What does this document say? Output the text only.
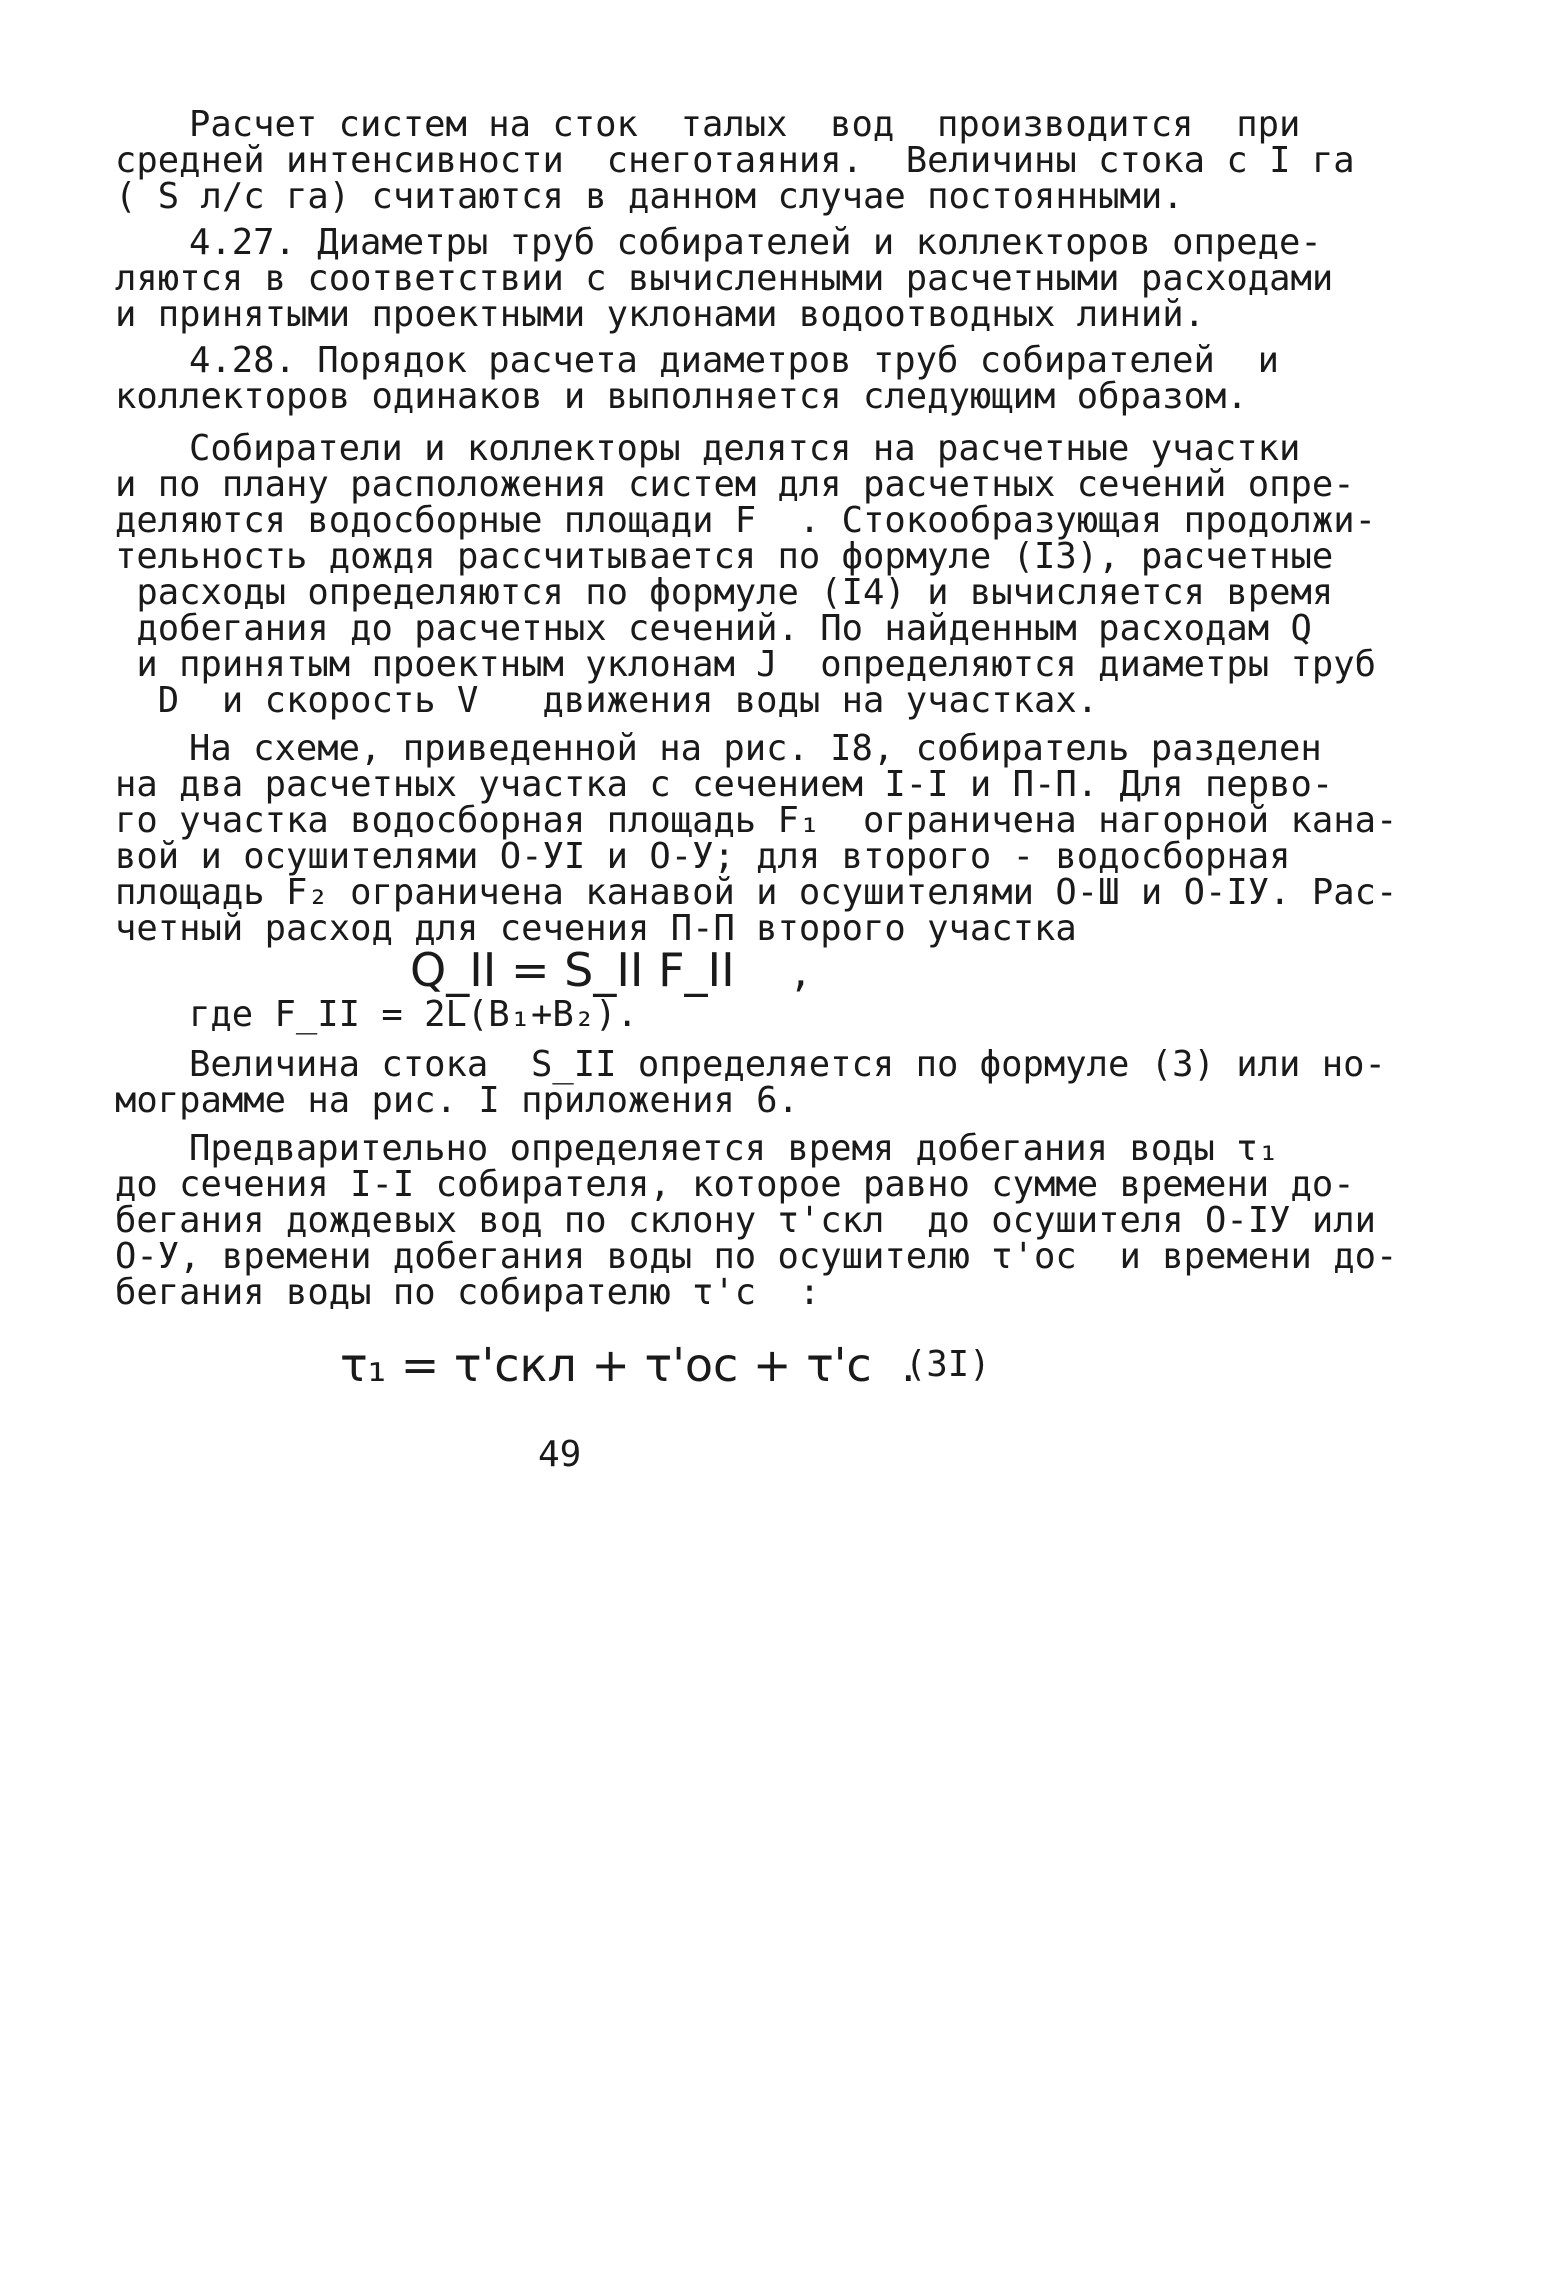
Расчет систем на сток  талых  вод  производится  при
средней интенсивности  снеготаяния.  Величины стока с I га
( S л/с га) считаются в данном случае постоянными.
4.27. Диаметры труб собирателей и коллекторов опреде-
ляются в соответствии с вычисленными расчетными расходами
и принятыми проектными уклонами водоотводных линий.
4.28. Порядок расчета диаметров труб собирателей  и
коллекторов одинаков и выполняется следующим образом.
Собиратели и коллекторы делятся на расчетные участки
и по плану расположения систем для расчетных сечений опре-
деляются водосборные площади F  . Стокообразующая продолжи-
тельность дождя рассчитывается по формуле (I3), расчетные
расходы определяются по формуле (I4) и вычисляется время
добегания до расчетных сечений. По найденным расходам Q
и принятым проектным уклонам J  определяются диаметры труб
D  и скорость V   движения воды на участках.
На схеме, приведенной на рис. I8, собиратель разделен
на два расчетных участка с сечением I-I и П-П. Для перво-
го участка водосборная площадь F₁  ограничена нагорной кана-
вой и осушителями О-УI и О-У; для второго - водосборная
площадь F₂ ограничена канавой и осушителями О-Ш и О-IУ. Рас-
четный расход для сечения П-П второго участка
Q_II = S_II F_II    ,
где F_II = 2L(B₁+B₂).
Величина стока  S_II определяется по формуле (3) или но-
мограмме на рис. I приложения 6.
Предварительно определяется время добегания воды τ₁
до сечения I-I собирателя, которое равно сумме времени до-
бегания дождевых вод по склону τ'скл  до осушителя О-IУ или
О-У, времени добегания воды по осушителю τ'ос  и времени до-
бегания воды по собирателю τ'с  :
τ₁ = τ'скл + τ'ос + τ'с  .
(3I)
49
